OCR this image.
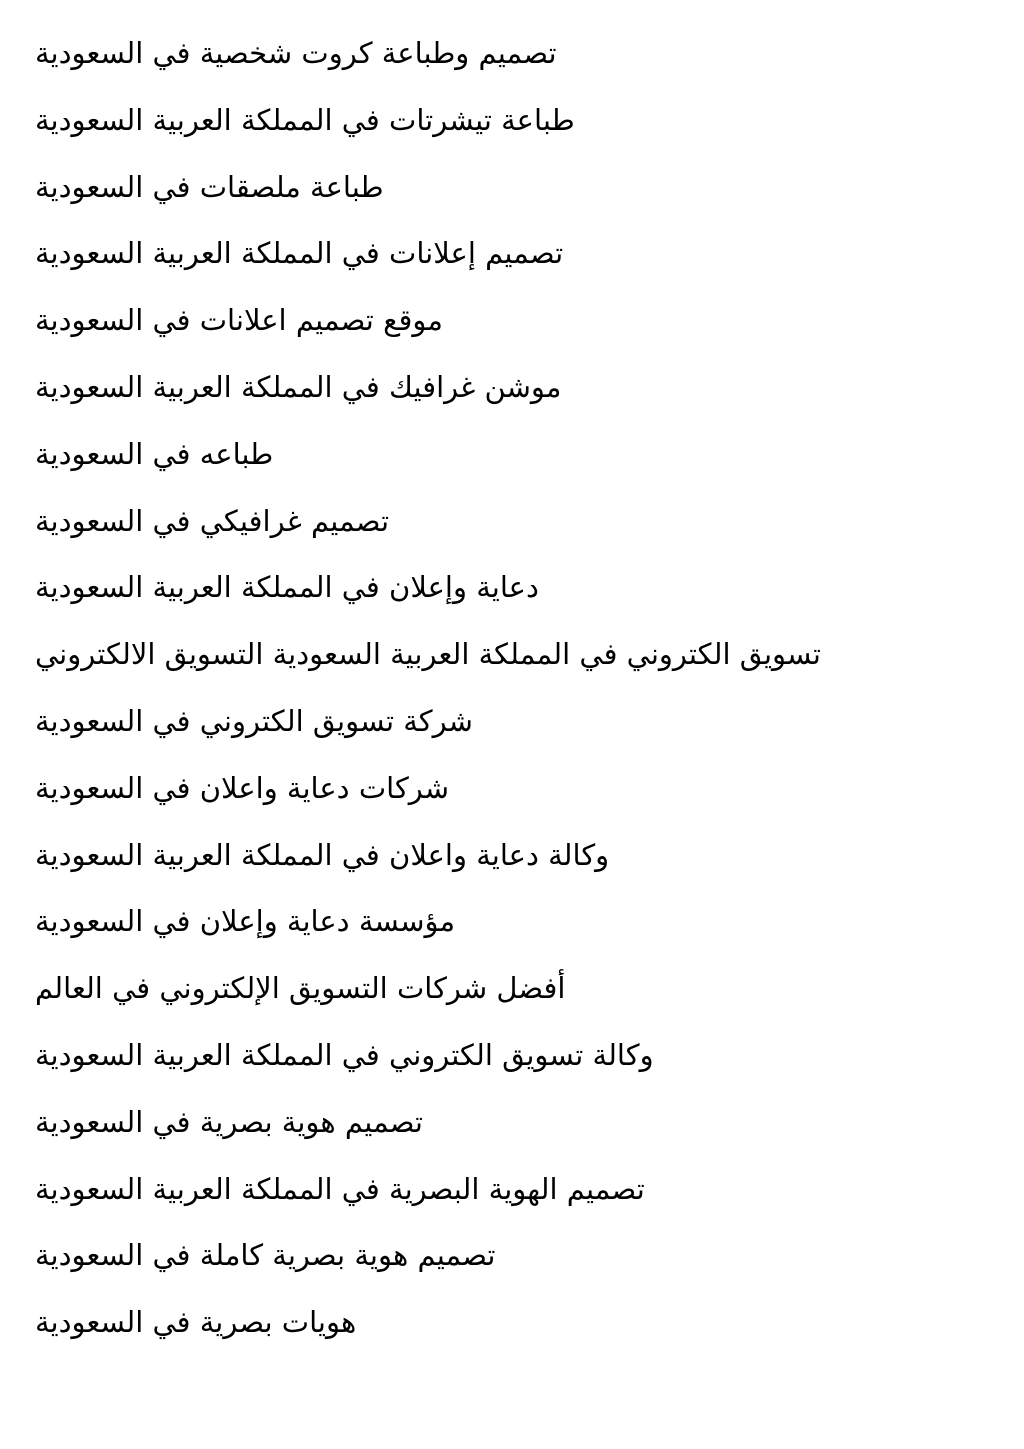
تصميم وطباعة كروت شخصية في السعودية
طباعة تيشرتات في المملكة العربية السعودية
طباعة ملصقات في السعودية
تصميم إعلانات في المملكة العربية السعودية
موقع تصميم اعلانات في السعودية
موشن غرافيك في المملكة العربية السعودية
طباعه في السعودية
تصميم غرافيكي في السعودية
دعاية وإعلان في المملكة العربية السعودية
تسويق الكتروني في المملكة العربية السعودية التسويق الالكتروني
شركة تسويق الكتروني في السعودية
شركات دعاية واعلان في السعودية
وكالة دعاية واعلان في المملكة العربية السعودية
مؤسسة دعاية وإعلان في السعودية
أفضل شركات التسويق الإلكتروني في العالم
وكالة تسويق الكتروني في المملكة العربية السعودية
تصميم هوية بصرية في السعودية
تصميم الهوية البصرية في المملكة العربية السعودية
تصميم هوية بصرية كاملة في السعودية
هويات بصرية في السعودية
